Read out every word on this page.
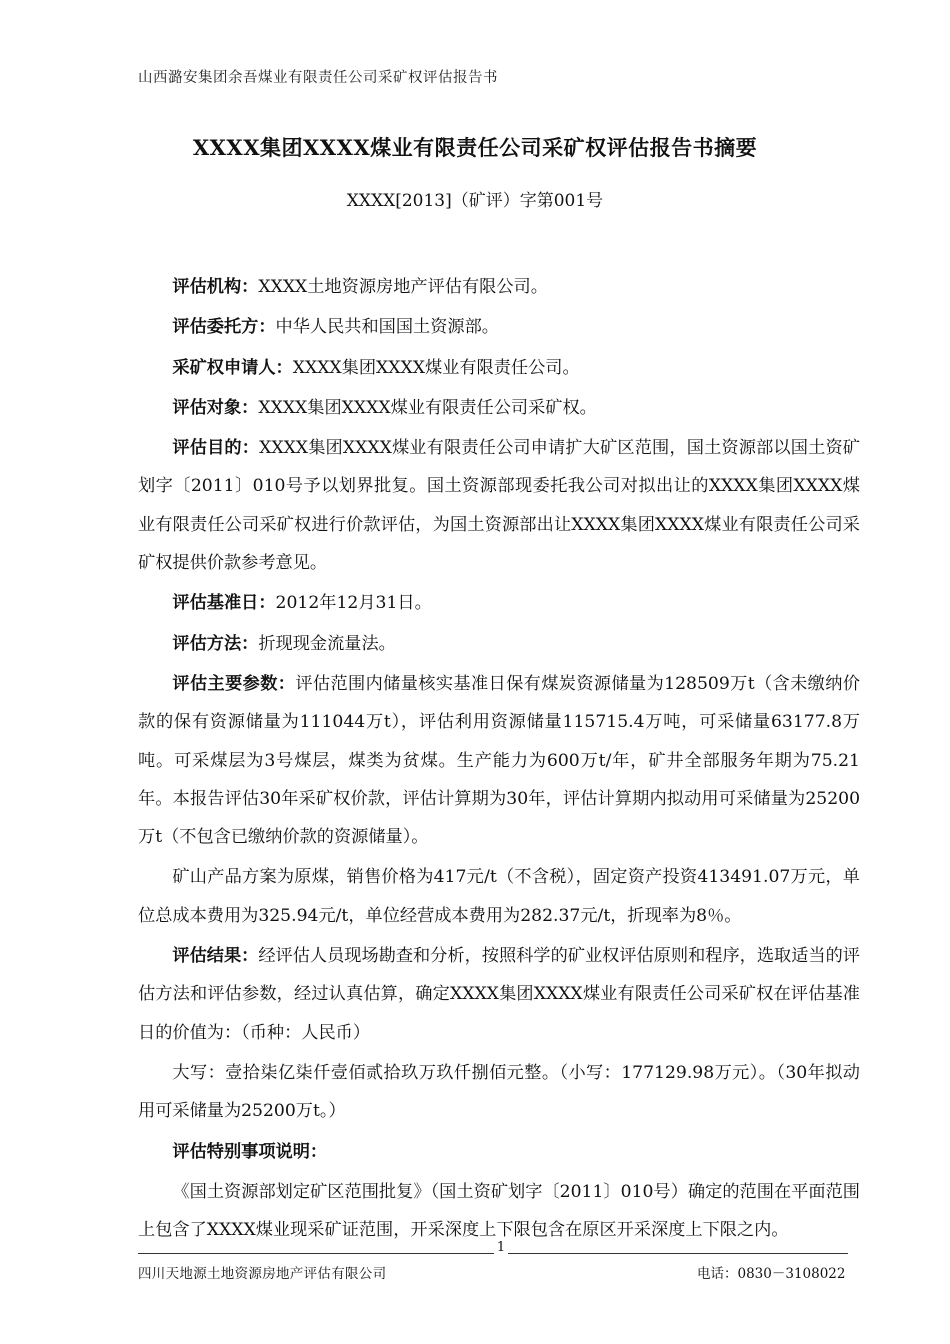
山西潞安集团余吾煤业有限责任公司采矿权评估报告书
XXXX集团XXXX煤业有限责任公司采矿权评估报告书摘要
XXXX[2013]（矿评）字第001号

评估机构：XXXX土地资源房地产评估有限公司。

评估委托方：中华人民共和国国土资源部。

采矿权申请人：XXXX集团XXXX煤业有限责任公司。

评估对象：XXXX集团XXXX煤业有限责任公司采矿权。

评估目的：XXXX集团XXXX煤业有限责任公司申请扩大矿区范围，国土资源部以国土资矿划字〔2011〕010号予以划界批复。国土资源部现委托我公司对拟出让的XXXX集团XXXX煤业有限责任公司采矿权进行价款评估，为国土资源部出让XXXX集团XXXX煤业有限责任公司采矿权提供价款参考意见。

评估基准日：2012年12月31日。

评估方法：折现现金流量法。

评估主要参数：评估范围内储量核实基准日保有煤炭资源储量为128509万t（含未缴纳价款的保有资源储量为111044万t），评估利用资源储量115715.4万吨，可采储量63177.8万吨。可采煤层为3号煤层，煤类为贫煤。生产能力为600万t/年，矿井全部服务年期为75.21年。本报告评估30年采矿权价款，评估计算期为30年，评估计算期内拟动用可采储量为25200万t（不包含已缴纳价款的资源储量）。

矿山产品方案为原煤，销售价格为417元/t（不含税），固定资产投资413491.07万元，单位总成本费用为325.94元/t，单位经营成本费用为282.37元/t，折现率为8％。

评估结果：经评估人员现场勘查和分析，按照科学的矿业权评估原则和程序，选取适当的评估方法和评估参数，经过认真估算，确定XXXX集团XXXX煤业有限责任公司采矿权在评估基准日的价值为：（币种：人民币）

大写：壹拾柒亿柒仟壹佰贰拾玖万玖仟捌佰元整。（小写：177129.98万元）。（30年拟动用可采储量为25200万t。）

评估特别事项说明：

《国土资源部划定矿区范围批复》（国土资矿划字〔2011〕010号）确定的范围在平面范围上包含了XXXX煤业现采矿证范围，开采深度上下限包含在原区开采深度上下限之内。

1
四川天地源土地资源房地产评估有限公司	电话：0830－3108022
